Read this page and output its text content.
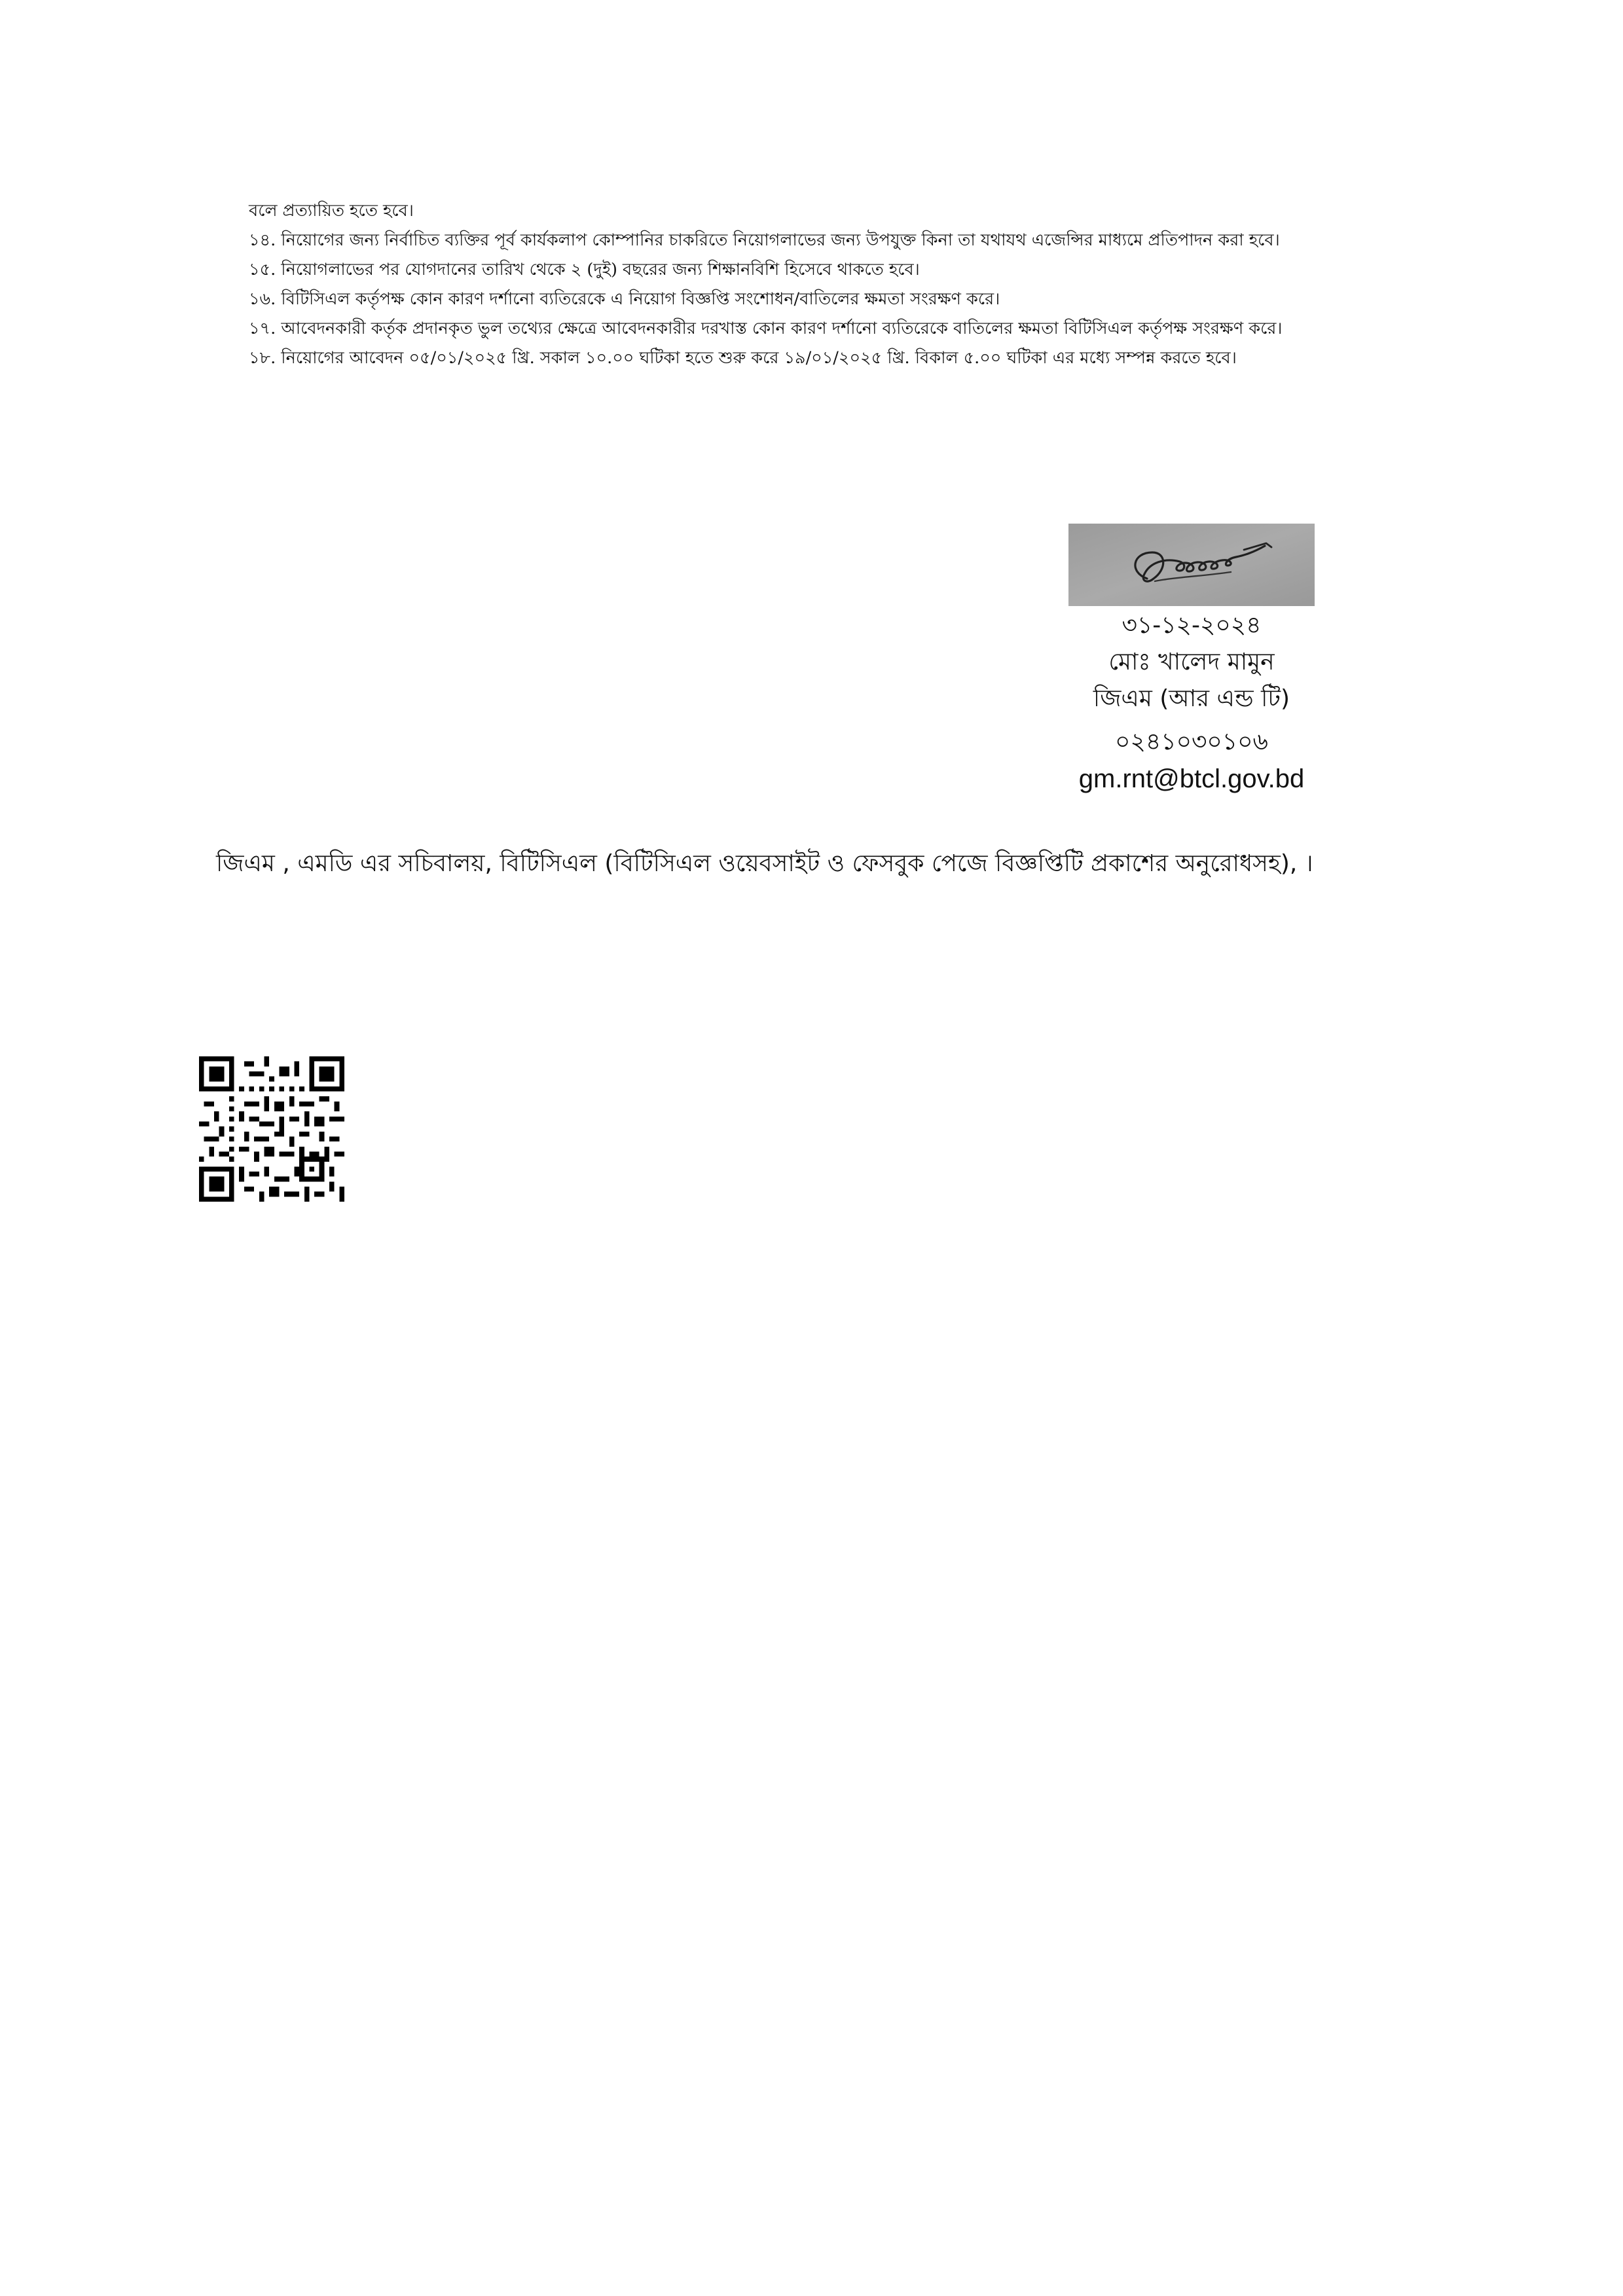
বলে প্রত্যায়িত হতে হবে।

১৪. নিয়োগের জন্য নির্বাচিত ব্যক্তির পূর্ব কার্যকলাপ কোম্পানির চাকরিতে নিয়োগলাভের জন্য উপযুক্ত কিনা তা যথাযথ এজেন্সির মাধ্যমে প্রতিপাদন করা হবে।

১৫. নিয়োগলাভের পর যোগদানের তারিখ থেকে ২ (দুই) বছরের জন্য শিক্ষানবিশি হিসেবে থাকতে হবে।

১৬. বিটিসিএল কর্তৃপক্ষ কোন কারণ দর্শানো ব্যতিরেকে এ নিয়োগ বিজ্ঞপ্তি সংশোধন/বাতিলের ক্ষমতা সংরক্ষণ করে।

১৭. আবেদনকারী কর্তৃক প্রদানকৃত ভুল তথ্যের ক্ষেত্রে আবেদনকারীর দরখাস্ত কোন কারণ দর্শানো ব্যতিরেকে বাতিলের ক্ষমতা বিটিসিএল কর্তৃপক্ষ সংরক্ষণ করে।

১৮. নিয়োগের আবেদন ০৫/০১/২০২৫ খ্রি. সকাল ১০.০০ ঘটিকা হতে শুরু করে ১৯/০১/২০২৫ খ্রি. বিকাল ৫.০০ ঘটিকা এর মধ্যে সম্পন্ন করতে হবে।

৩১-১২-২০২৪
মোঃ খালেদ মামুন
জিএম (আর এন্ড টি)
০২৪১০৩০১০৬
gm.rnt@btcl.gov.bd
জিএম , এমডি এর সচিবালয়, বিটিসিএল (বিটিসিএল ওয়েবসাইট ও ফেসবুক পেজে বিজ্ঞপ্তিটি প্রকাশের অনুরোধসহ), ।
